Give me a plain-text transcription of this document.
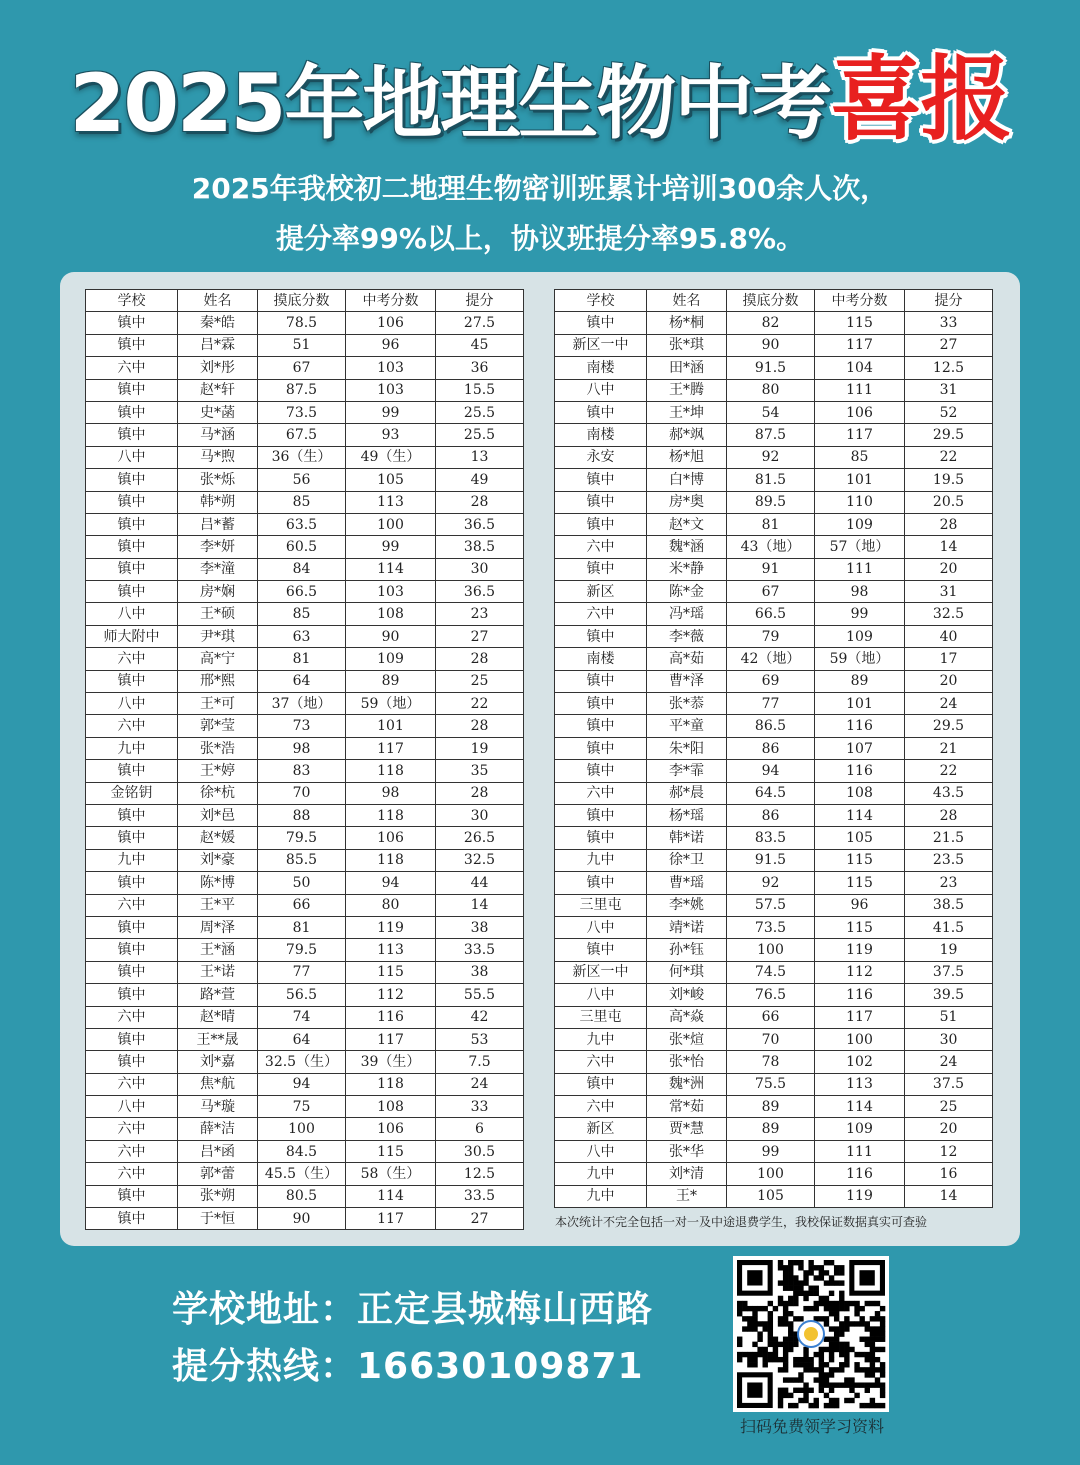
2025年地理生物中考喜报
2025年我校初二地理生物密训班累计培训300余人次，
提分率99%以上，协议班提分率95.8%。
学校	姓名	摸底分数	中考分数	提分
镇中	秦*皓	78.5	106	27.5
镇中	吕*霖	51	96	45
六中	刘*彤	67	103	36
镇中	赵*轩	87.5	103	15.5
镇中	史*菡	73.5	99	25.5
镇中	马*涵	67.5	93	25.5
八中	马*煦	36（生）	49（生）	13
镇中	张*烁	56	105	49
镇中	韩*朔	85	113	28
镇中	吕*蓄	63.5	100	36.5
镇中	李*妍	60.5	99	38.5
镇中	李*潼	84	114	30
镇中	房*娴	66.5	103	36.5
八中	王*硕	85	108	23
师大附中	尹*琪	63	90	27
六中	高*宁	81	109	28
镇中	邢*熙	64	89	25
八中	王*可	37（地）	59（地）	22
六中	郭*莹	73	101	28
九中	张*浩	98	117	19
镇中	王*婷	83	118	35
金铭钥	徐*杭	70	98	28
镇中	刘*邑	88	118	30
镇中	赵*媛	79.5	106	26.5
九中	刘*豪	85.5	118	32.5
镇中	陈*博	50	94	44
六中	王*平	66	80	14
镇中	周*泽	81	119	38
镇中	王*涵	79.5	113	33.5
镇中	王*诺	77	115	38
镇中	路*萱	56.5	112	55.5
六中	赵*晴	74	116	42
镇中	王**晟	64	117	53
镇中	刘*嘉	32.5（生）	39（生）	7.5
六中	焦*航	94	118	24
八中	马*璇	75	108	33
六中	薛*洁	100	106	6
六中	吕*函	84.5	115	30.5
六中	郭*蕾	45.5（生）	58（生）	12.5
镇中	张*朔	80.5	114	33.5
镇中	于*恒	90	117	27
学校	姓名	摸底分数	中考分数	提分
镇中	杨*桐	82	115	33
新区一中	张*琪	90	117	27
南楼	田*涵	91.5	104	12.5
八中	王*腾	80	111	31
镇中	王*坤	54	106	52
南楼	郝*飒	87.5	117	29.5
永安	杨*旭	92	85	22
镇中	白*博	81.5	101	19.5
镇中	房*奥	89.5	110	20.5
镇中	赵*文	81	109	28
六中	魏*涵	43（地）	57（地）	14
镇中	米*静	91	111	20
新区	陈*金	67	98	31
六中	冯*瑶	66.5	99	32.5
镇中	李*薇	79	109	40
南楼	高*茹	42（地）	59（地）	17
镇中	曹*泽	69	89	20
镇中	张*菾	77	101	24
镇中	平*童	86.5	116	29.5
镇中	朱*阳	86	107	21
镇中	李*霏	94	116	22
六中	郝*晨	64.5	108	43.5
镇中	杨*瑶	86	114	28
镇中	韩*诺	83.5	105	21.5
九中	徐*卫	91.5	115	23.5
镇中	曹*瑶	92	115	23
三里屯	李*姚	57.5	96	38.5
八中	靖*诺	73.5	115	41.5
镇中	孙*钰	100	119	19
新区一中	何*琪	74.5	112	37.5
八中	刘*峻	76.5	116	39.5
三里屯	高*焱	66	117	51
九中	张*煊	70	100	30
六中	张*怡	78	102	24
镇中	魏*洲	75.5	113	37.5
六中	常*茹	89	114	25
新区	贾*慧	89	109	20
八中	张*华	99	111	12
九中	刘*清	100	116	16
九中	王*	105	119	14
本次统计不完全包括一对一及中途退费学生，我校保证数据真实可查验
学校地址：正定县城梅山西路
提分热线：16630109871
扫码免费领学习资料
